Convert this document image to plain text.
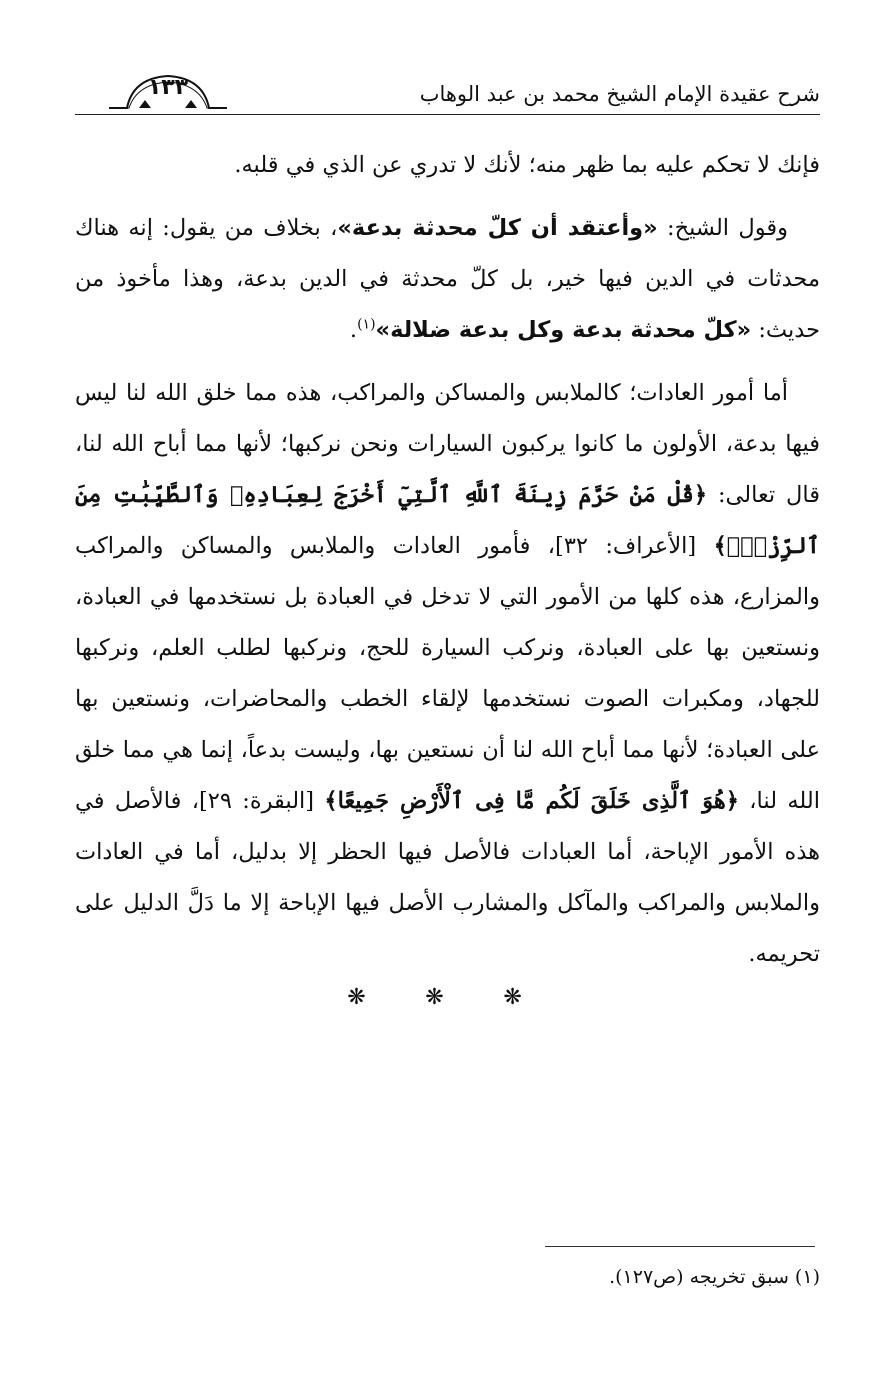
شرح عقيدة الإمام الشيخ محمد بن عبد الوهاب
١٣٣

فإنك لا تحكم عليه بما ظهر منه؛ لأنك لا تدري عن الذي في قلبه.

وقول الشيخ: «وأعتقد أن كلّ محدثة بدعة»، بخلاف من يقول: إنه هناك محدثات في الدين فيها خير، بل كلّ محدثة في الدين بدعة، وهذا مأخوذ من حديث: «كلّ محدثة بدعة وكل بدعة ضلالة»$^{(١)}$.

أما أمور العادات؛ كالملابس والمساكن والمراكب، هذه مما خلق الله لنا ليس فيها بدعة، الأولون ما كانوا يركبون السيارات ونحن نركبها؛ لأنها مما أباح الله لنا، قال تعالى: ﴿قُلْ مَنْ حَرَّمَ زِينَةَ ٱللَّهِ ٱلَّتِيٓ أَخْرَجَ لِعِبَادِهِۦ وَٱلطَّيِّبَٰتِ مِنَ ٱلرِّزْقِۚ﴾ [الأعراف: ٣٢]، فأمور العادات والملابس والمساكن والمراكب والمزارع، هذه كلها من الأمور التي لا تدخل في العبادة بل نستخدمها في العبادة، ونستعين بها على العبادة، ونركب السيارة للحج، ونركبها لطلب العلم، ونركبها للجهاد، ومكبرات الصوت نستخدمها لإلقاء الخطب والمحاضرات، ونستعين بها على العبادة؛ لأنها مما أباح الله لنا أن نستعين بها، وليست بدعاً، إنما هي مما خلق الله لنا، ﴿هُوَ ٱلَّذِى خَلَقَ لَكُم مَّا فِى ٱلْأَرْضِ جَمِيعًا﴾ [البقرة: ٢٩]، فالأصل في هذه الأمور الإباحة، أما العبادات فالأصل فيها الحظر إلا بدليل، أما في العادات والملابس والمراكب والمآكل والمشارب الأصل فيها الإباحة إلا ما دَلَّ الدليل على تحريمه.

❋ ❋ ❋
(١) سبق تخريجه (ص١٢٧).
